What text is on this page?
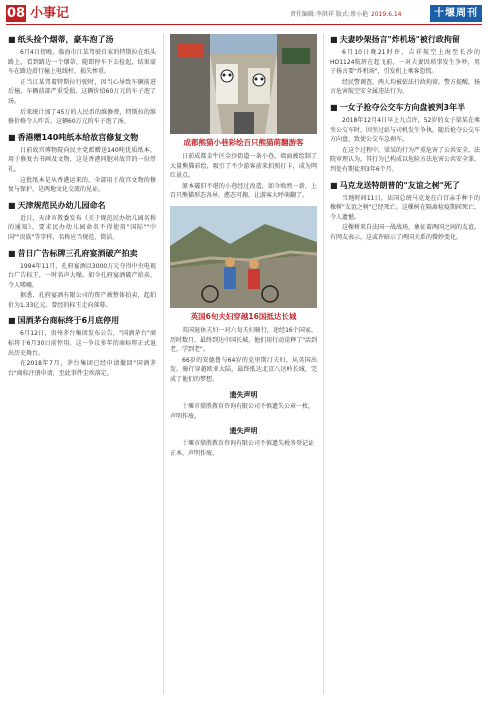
08 小事记	责任编辑:李洪祥 版式:蔡小艳 2019.6.14	十堰周刊
■ 纸头捡个烟蒂，豪车泡了汤

6月4日傍晚，临海市江某驾驶自家的特斯拉在纸头路上，看到路边一个烟蒂，随即停车下去捡起，结果豪车在路边滑行撞上电线杆，损失惨重。

正当江某驾着特斯拉行驶时，因当心导致车辆前进后撞，车辆前部严重受损，这辆价值60万元的车子泡了汤。

后来统计加了45万的人民币的维修费，特斯拉的维修价格令人咋舌。这辆60万元的车子泡了汤。

■ 香港赠140吨纸本给故宫修复文物

日前故宫博物院向民主党派赠送140吨优质纸本，用于修复古书画及文物，这是香港同胞对故宫的一份厚礼。

这批纸本是从香港运来的，全部用于故宫文物的修复与保护，是两地文化交流的见证。

■ 天津规范民办幼儿园命名

近日，天津市教委发布《关于规范民办幼儿园名称的通知》，要求民办幼儿园命名不得使用"国际""中国""贵族"等字样，名称应当规范、简洁。

■ 昔日广告标牌三孔府宴酒破产拍卖

1994年11月，孔府宴酒以3000万元夺得中央电视台广告标王，一时名声大噪。如今孔府宴酒破产拍卖，令人唏嘘。

据悉，孔府宴酒有限公司的资产被整体拍卖，起拍价为1.33亿元。曾经的标王走向落幕。

■ 国酒茅台商标终于6月底停用

6月12日，贵州茅台集团发布公告，"国酒茅台"商标将于6月30日前停用。这一争议多年的商标将正式退出历史舞台。

在2018年7月，茅台集团已经申请撤回"国酒茅台"商标注册申请，至此事件尘埃落定。

成都熊猫小巷彩绘百只熊猫萌翻游客

日前成都金牛区金沙街道一条小巷，墙面被绘制了大量熊猫彩绘，吸引了不少游客前来拍照打卡，成为网红景点。

原本破旧不堪的小巷经过改造，如今焕然一新，上百只熊猫形态各异、憨态可掬，让游客大呼萌翻了。

英国6旬夫妇穿越16国抵达长城

英国退休夫妇一对六旬夫妇骑行，途经16个国家，历时数月，最终到达中国长城，他们用行动诠释了"活到老，学到老"。

66岁的安德鲁与64岁的克里斯汀夫妇，从英国出发，骑行穿越欧亚大陆，最终抵达北京八达岭长城，完成了他们的梦想。

遗失声明

十堰市鼎胜教育咨询有限公司不慎遗失公章一枚，声明作废。

遗失声明

十堰市鼎胜教育咨询有限公司不慎遗失税务登记证正本，声明作废。

■ 夫妻吵架扬言"炸机场"被行政拘留

6月10日晚21时许，吉祥航空上海至长沙的HO1124航班在起飞前，一对夫妻因琐事发生争吵，男子扬言要"炸机场"，引发机上乘客恐慌。

经民警调查，两人均被依法行政拘留。警方提醒，扬言危害航空安全属违法行为。

■ 一女子抢夺公交车方向盘被判3年半

2018年12月4日早上九点许，52岁的女子梁某在乘坐公交车时，因坐过站与司机发生争执，随后抢夺公交车方向盘，致使公交车急刹车。

在这个过程中，梁某的行为严重危害了公共安全。法院审理认为，其行为已构成以危险方法危害公共安全罪，判处有期徒刑3年6个月。

■ 马克龙送特朗普的"友谊之树"死了

当地时间11日，法国总统马克龙在白宫亲手种下的橡树"友谊之树"已经死亡。这棵树在隔离检疫期间死亡，令人遗憾。

这棵树来自法国一战战场，象征着两国之间的友谊。有网友表示，这或许暗示了两国关系的微妙变化。
